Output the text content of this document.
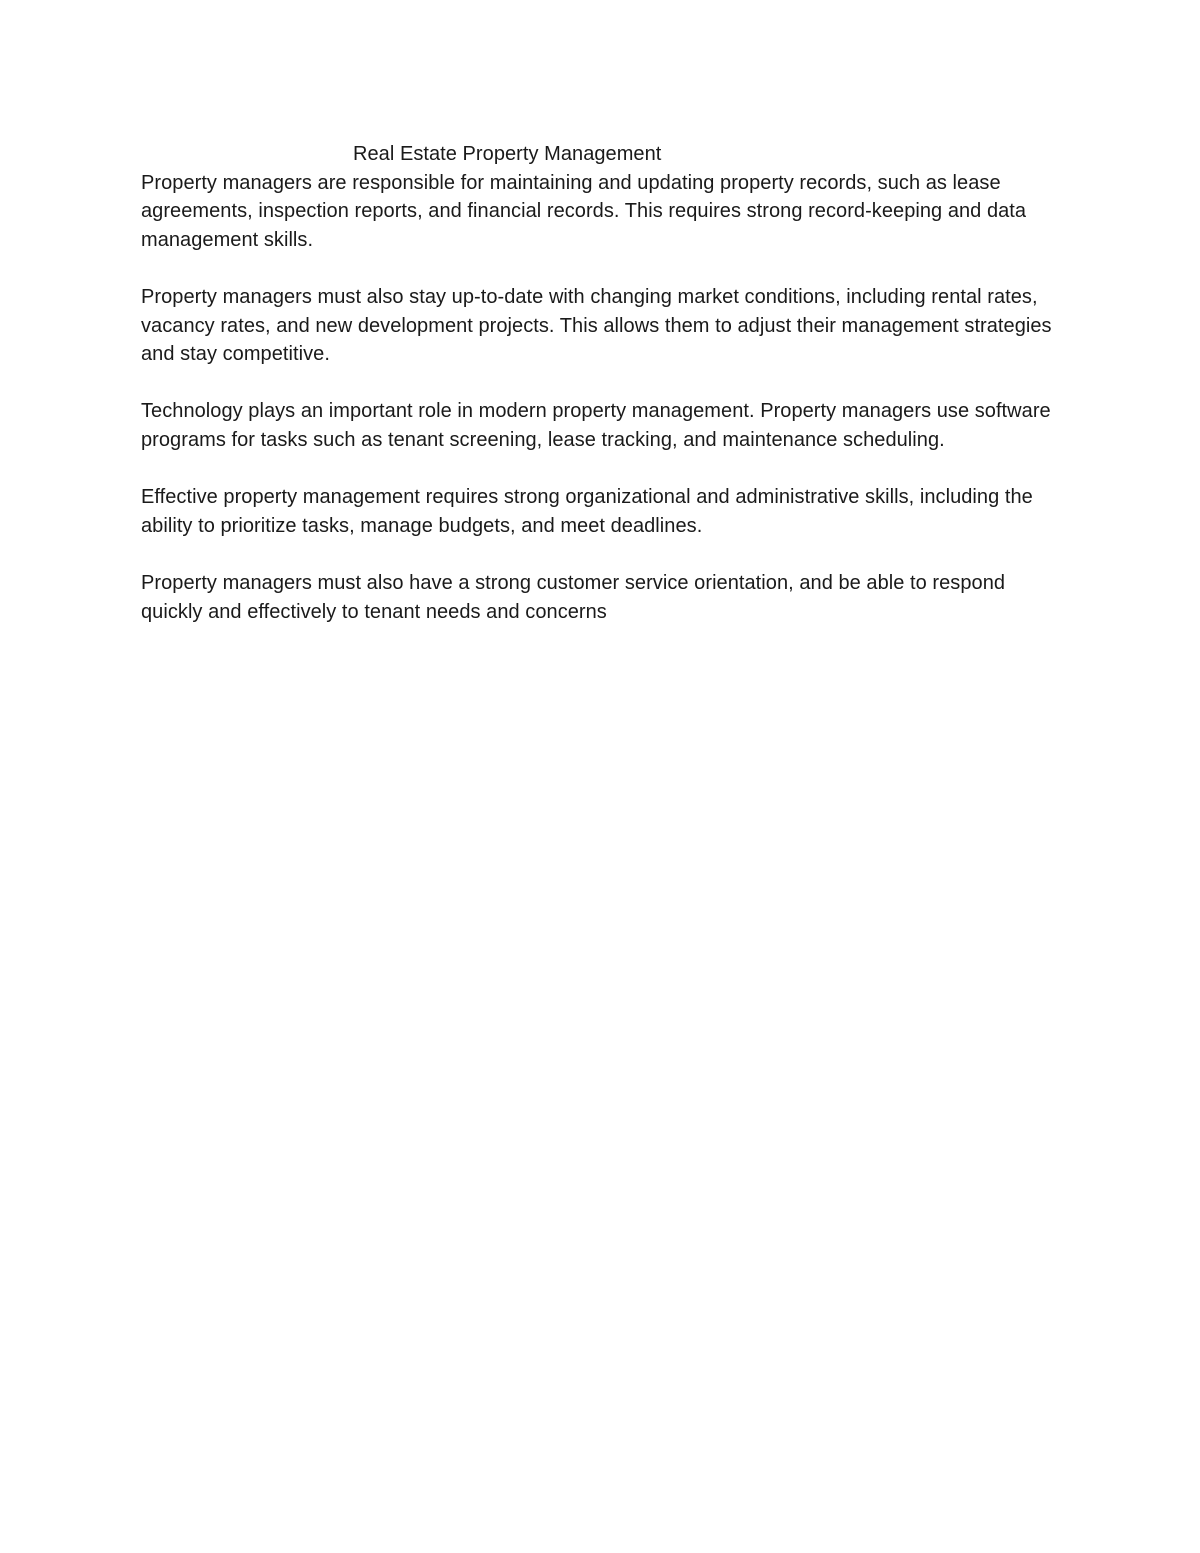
Real Estate Property Management

Property managers are responsible for maintaining and updating property records, such as lease agreements, inspection reports, and financial records. This requires strong record-keeping and data management skills.

Property managers must also stay up-to-date with changing market conditions, including rental rates, vacancy rates, and new development projects. This allows them to adjust their management strategies and stay competitive.

Technology plays an important role in modern property management. Property managers use software programs for tasks such as tenant screening, lease tracking, and maintenance scheduling.

Effective property management requires strong organizational and administrative skills, including the ability to prioritize tasks, manage budgets, and meet deadlines.

Property managers must also have a strong customer service orientation, and be able to respond quickly and effectively to tenant needs and concerns
